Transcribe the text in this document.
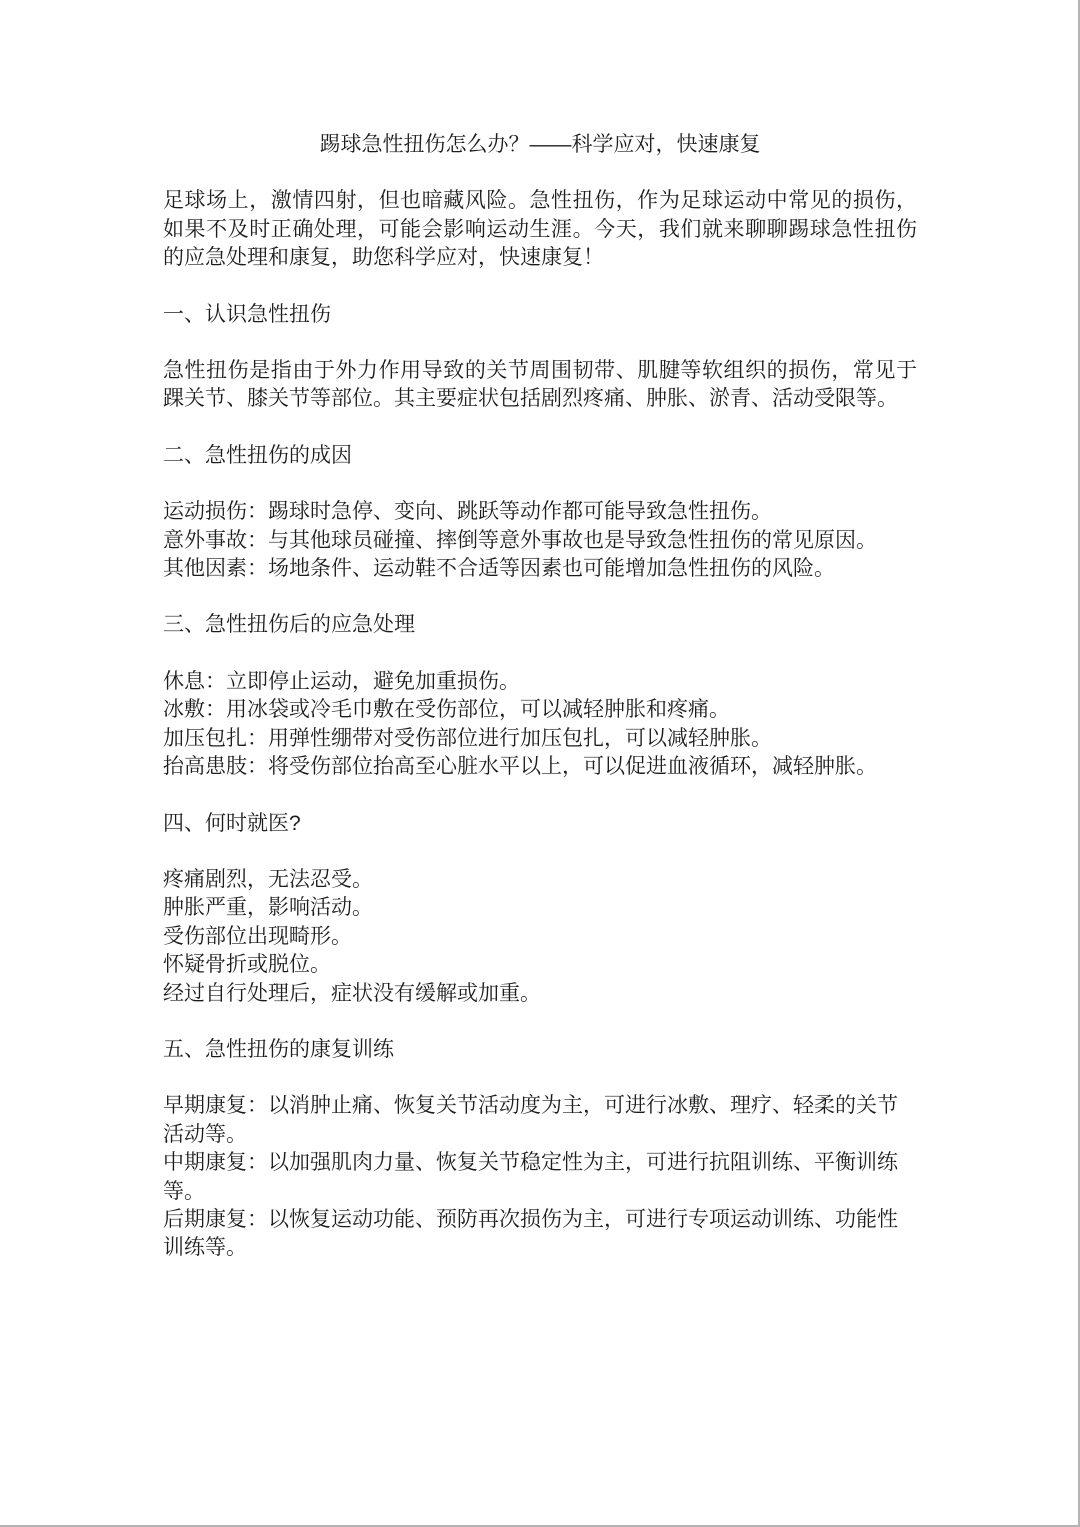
踢球急性扭伤怎么办？——科学应对，快速康复

足球场上，激情四射，但也暗藏风险。急性扭伤，作为足球运动中常见的损伤，如果不及时正确处理，可能会影响运动生涯。今天，我们就来聊聊踢球急性扭伤的应急处理和康复，助您科学应对，快速康复！

一、认识急性扭伤

急性扭伤是指由于外力作用导致的关节周围韧带、肌腱等软组织的损伤，常见于踝关节、膝关节等部位。其主要症状包括剧烈疼痛、肿胀、淤青、活动受限等。

二、急性扭伤的成因
运动损伤：踢球时急停、变向、跳跃等动作都可能导致急性扭伤。
意外事故：与其他球员碰撞、摔倒等意外事故也是导致急性扭伤的常见原因。
其他因素：场地条件、运动鞋不合适等因素也可能增加急性扭伤的风险。
三、急性扭伤后的应急处理
休息：立即停止运动，避免加重损伤。
冰敷：用冰袋或冷毛巾敷在受伤部位，可以减轻肿胀和疼痛。
加压包扎：用弹性绷带对受伤部位进行加压包扎，可以减轻肿胀。
抬高患肢：将受伤部位抬高至心脏水平以上，可以促进血液循环，减轻肿胀。
四、何时就医?
疼痛剧烈，无法忍受。
肿胀严重，影响活动。
受伤部位出现畸形。
怀疑骨折或脱位。
经过自行处理后，症状没有缓解或加重。
五、急性扭伤的康复训练
早期康复：以消肿止痛、恢复关节活动度为主，可进行冰敷、理疗、轻柔的关节活动等。
中期康复：以加强肌肉力量、恢复关节稳定性为主，可进行抗阻训练、平衡训练等。
后期康复：以恢复运动功能、预防再次损伤为主，可进行专项运动训练、功能性训练等。
